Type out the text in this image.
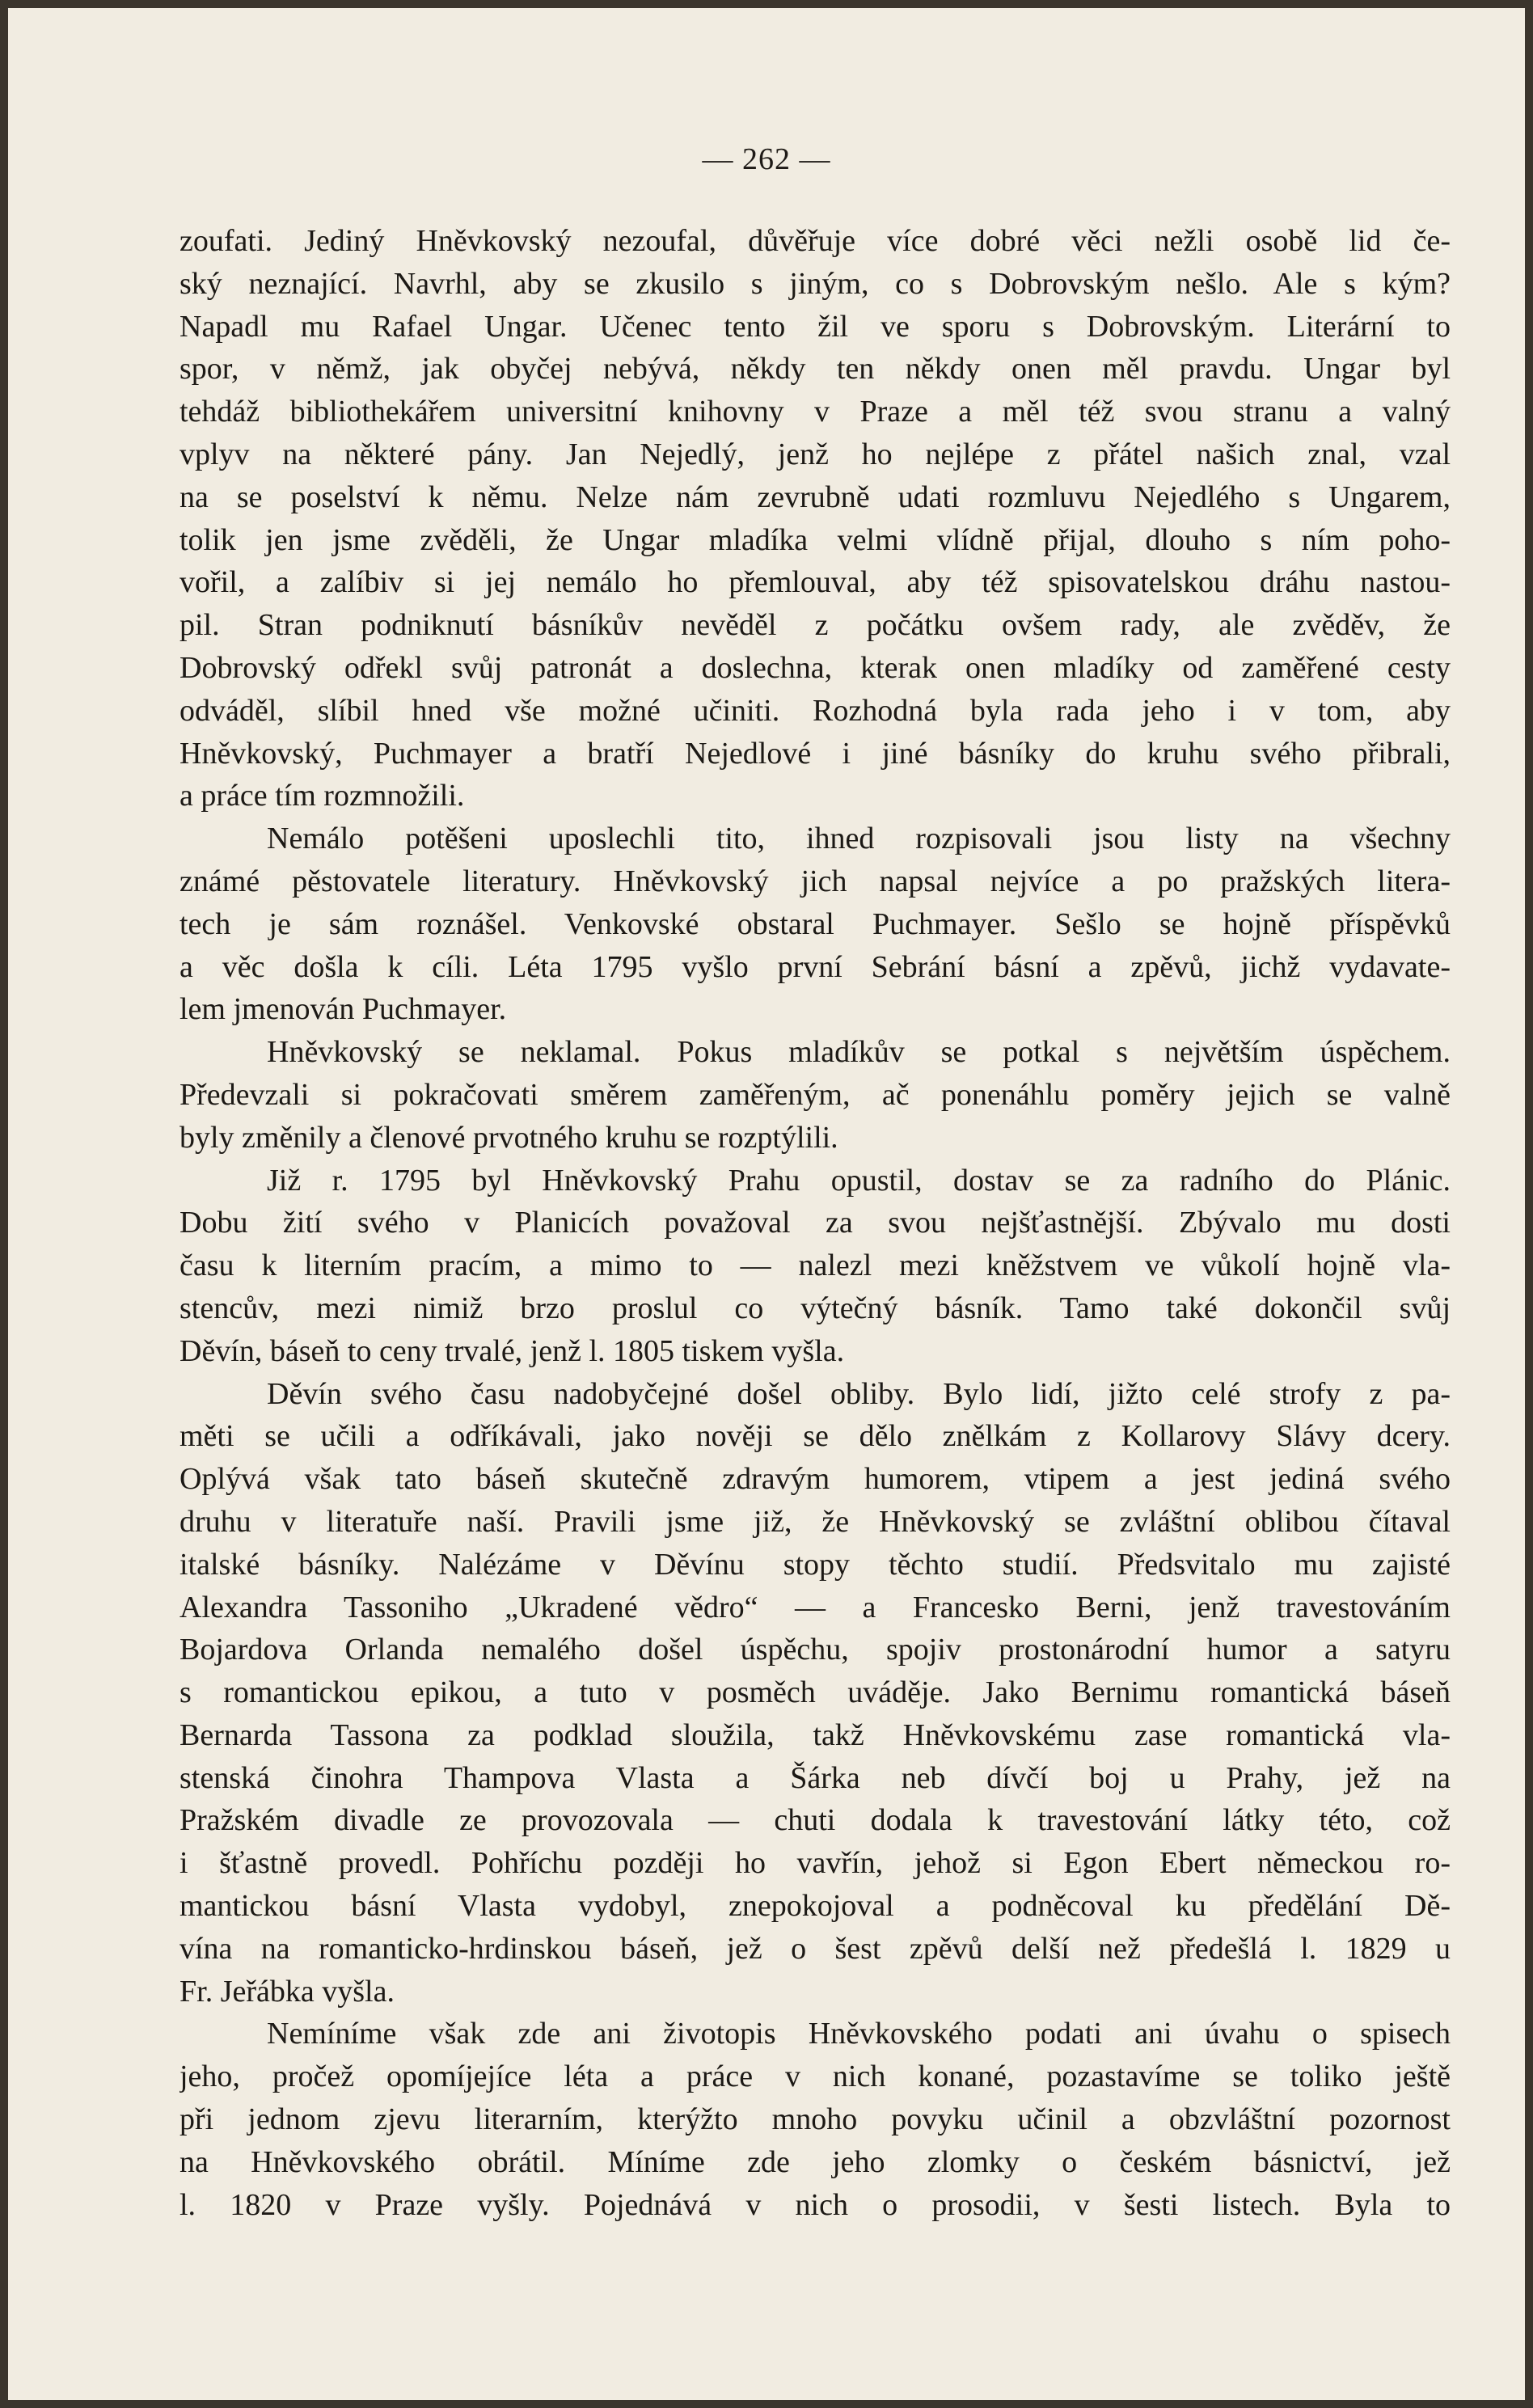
— 262 —

zoufati. Jediný Hněvkovský nezoufal, důvěřuje více dobré věci nežli osobě lid če-
ský neznající. Navrhl, aby se zkusilo s jiným, co s Dobrovským nešlo. Ale s kým?
Napadl mu Rafael Ungar. Učenec tento žil ve sporu s Dobrovským. Literární to
spor, v němž, jak obyčej nebývá, někdy ten někdy onen měl pravdu. Ungar byl
tehdáž bibliothekářem universitní knihovny v Praze a měl též svou stranu a valný
vplyv na některé pány. Jan Nejedlý, jenž ho nejlépe z přátel našich znal, vzal
na se poselství k němu. Nelze nám zevrubně udati rozmluvu Nejedlého s Ungarem,
tolik jen jsme zvěděli, že Ungar mladíka velmi vlídně přijal, dlouho s ním poho-
vořil, a zalíbiv si jej nemálo ho přemlouval, aby též spisovatelskou dráhu nastou-
pil. Stran podniknutí básníkův nevěděl z počátku ovšem rady, ale zvěděv, že
Dobrovský odřekl svůj patronát a doslechna, kterak onen mladíky od zaměřené cesty
odváděl, slíbil hned vše možné učiniti. Rozhodná byla rada jeho i v tom, aby
Hněvkovský, Puchmayer a bratří Nejedlové i jiné básníky do kruhu svého přibrali,
a práce tím rozmnožili.

Nemálo potěšeni uposlechli tito, ihned rozpisovali jsou listy na všechny
známé pěstovatele literatury. Hněvkovský jich napsal nejvíce a po pražských litera-
tech je sám roznášel. Venkovské obstaral Puchmayer. Sešlo se hojně příspěvků
a věc došla k cíli. Léta 1795 vyšlo první Sebrání básní a zpěvů, jichž vydavate-
lem jmenován Puchmayer.

Hněvkovský se neklamal. Pokus mladíkův se potkal s největším úspěchem.
Předevzali si pokračovati směrem zaměřeným, ač ponenáhlu poměry jejich se valně
byly změnily a členové prvotného kruhu se rozptýlili.

Již r. 1795 byl Hněvkovský Prahu opustil, dostav se za radního do Plánic.
Dobu žití svého v Planicích považoval za svou nejšťastnější. Zbývalo mu dosti
času k literním pracím, a mimo to — nalezl mezi kněžstvem ve vůkolí hojně vla-
stencův, mezi nimiž brzo proslul co výtečný básník. Tamo také dokončil svůj
Děvín, báseň to ceny trvalé, jenž l. 1805 tiskem vyšla.

Děvín svého času nadobyčejné došel obliby. Bylo lidí, jižto celé strofy z pa-
měti se učili a odříkávali, jako nověji se dělo znělkám z Kollarovy Slávy dcery.
Oplývá však tato báseň skutečně zdravým humorem, vtipem a jest jediná svého
druhu v literatuře naší. Pravili jsme již, že Hněvkovský se zvláštní oblibou čítaval
italské básníky. Nalézáme v Děvínu stopy těchto studií. Předsvitalo mu zajisté
Alexandra Tassoniho „Ukradené vědro“ — a Francesko Berni, jenž travestováním
Bojardova Orlanda nemalého došel úspěchu, spojiv prostonárodní humor a satyru
s romantickou epikou, a tuto v posměch uváděje. Jako Bernimu romantická báseň
Bernarda Tassona za podklad sloužila, takž Hněvkovskému zase romantická vla-
stenská činohra Thampova Vlasta a Šárka neb dívčí boj u Prahy, jež na
Pražském divadle ze provozovala — chuti dodala k travestování látky této, což
i šťastně provedl. Pohříchu později ho vavřín, jehož si Egon Ebert německou ro-
mantickou básní Vlasta vydobyl, znepokojoval a podněcoval ku předělání Dě-
vína na romanticko-hrdinskou báseň, jež o šest zpěvů delší než předešlá l. 1829 u
Fr. Jeřábka vyšla.

Nemíníme však zde ani životopis Hněvkovského podati ani úvahu o spisech
jeho, pročež opomíjejíce léta a práce v nich konané, pozastavíme se toliko ještě
při jednom zjevu literarním, kterýžto mnoho povyku učinil a obzvláštní pozornost
na Hněvkovského obrátil. Míníme zde jeho zlomky o českém básnictví, jež
l. 1820 v Praze vyšly. Pojednává v nich o prosodii, v šesti listech. Byla to
